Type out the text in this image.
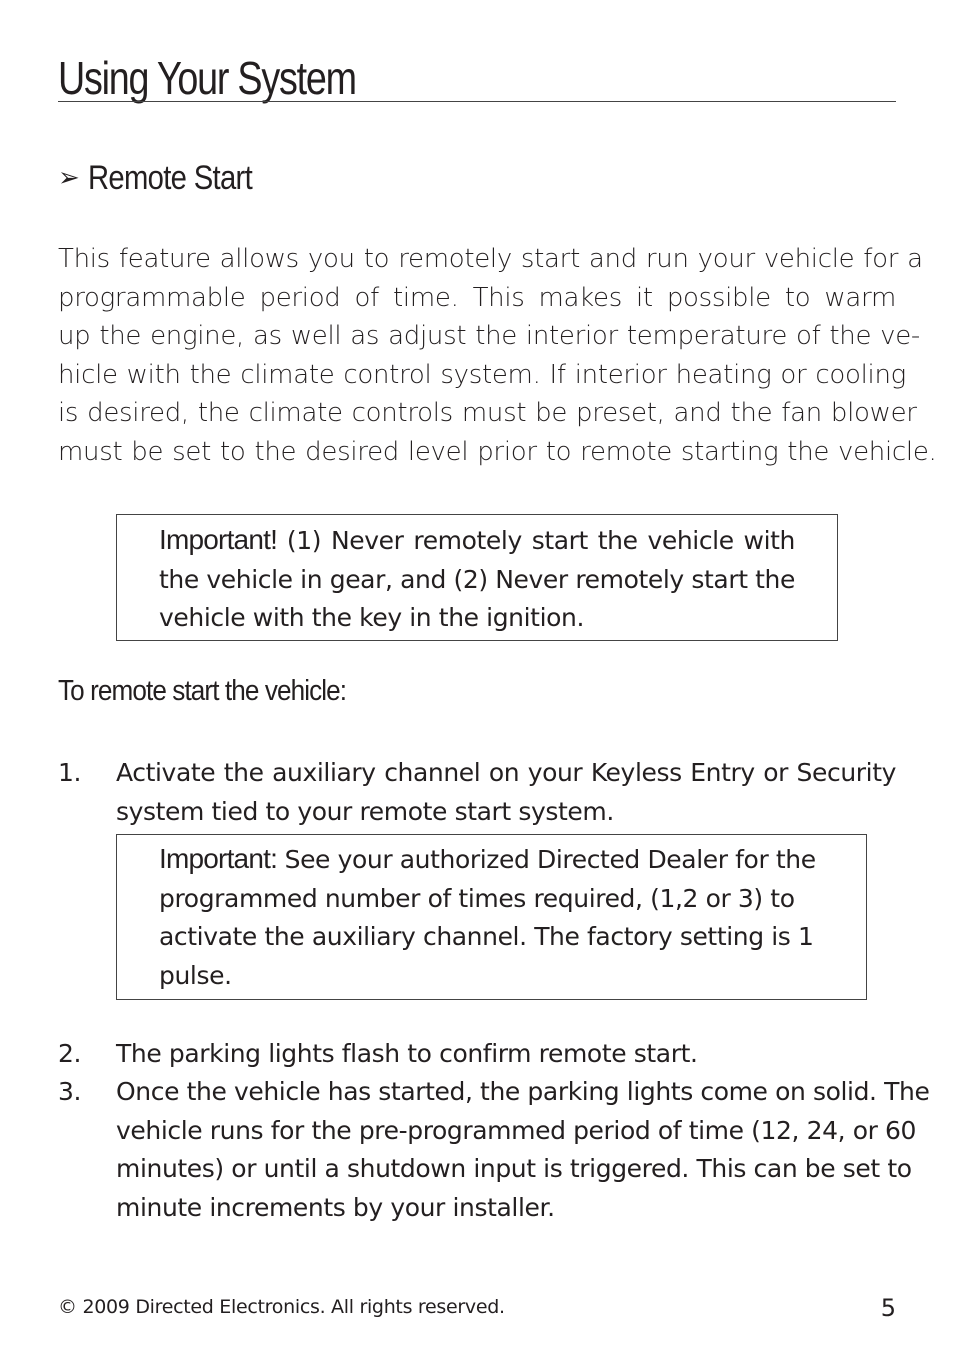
Using Your System
➢ Remote Start
This feature allows you to remotely start and run your vehicle for a
programmable period of time. This makes it possible to warm
up the engine, as well as adjust the interior temperature of the ve-
hicle with the climate control system. If interior heating or cooling
is desired, the climate controls must be preset, and the fan blower
must be set to the desired level prior to remote starting the vehicle.
Important! (1) Never remotely start the vehicle with
the vehicle in gear, and (2) Never remotely start the
vehicle with the key in the ignition.
To remote start the vehicle:
1.	Activate the auxiliary channel on your Keyless Entry or Security
system tied to your remote start system.
Important: See your authorized Directed Dealer for the
programmed number of times required, (1,2 or 3) to
activate the auxiliary channel. The factory setting is 1
pulse.
2.	The parking lights flash to confirm remote start.
3.	Once the vehicle has started, the parking lights come on solid. The
vehicle runs for the pre-programmed period of time (12, 24, or 60
minutes) or until a shutdown input is triggered. This can be set to
minute increments by your installer.
© 2009 Directed Electronics. All rights reserved.	5
